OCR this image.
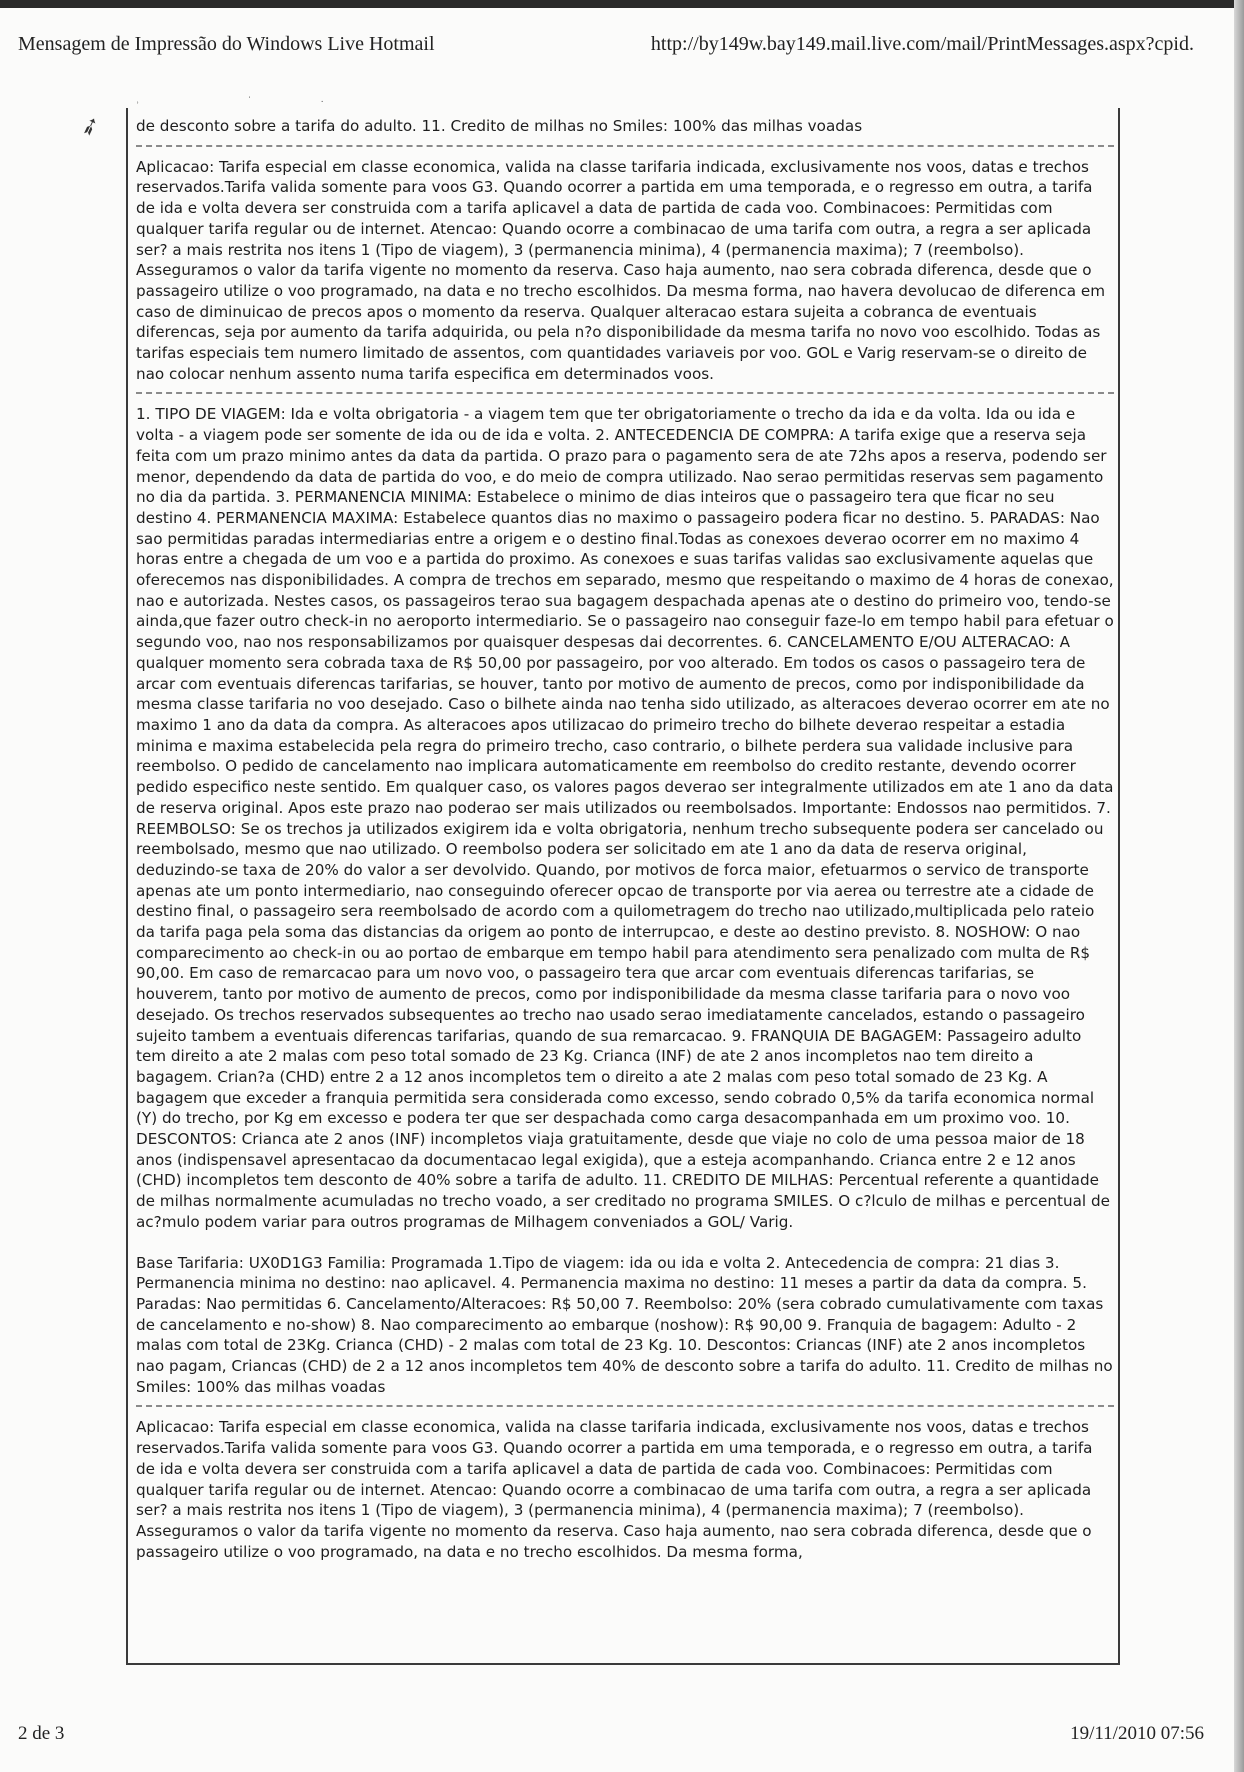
Mensagem de Impressão do Windows Live Hotmail	http://by149w.bay149.mail.live.com/mail/PrintMessages.aspx?cpid.
˒                                       ˈ                         ·
➶ de desconto sobre a tarifa do adulto. 11. Credito de milhas no Smiles: 100% das milhas voadas

Aplicacao: Tarifa especial em classe economica, valida na classe tarifaria indicada, exclusivamente nos voos, datas e trechos reservados.Tarifa valida somente para voos G3. Quando ocorrer a partida em uma temporada, e o regresso em outra, a tarifa de ida e volta devera ser construida com a tarifa aplicavel a data de partida de cada voo. Combinacoes: Permitidas com qualquer tarifa regular ou de internet. Atencao: Quando ocorre a combinacao de uma tarifa com outra, a regra a ser aplicada ser? a mais restrita nos itens 1 (Tipo de viagem), 3 (permanencia minima), 4 (permanencia maxima); 7 (reembolso). Asseguramos o valor da tarifa vigente no momento da reserva. Caso haja aumento, nao sera cobrada diferenca, desde que o passageiro utilize o voo programado, na data e no trecho escolhidos. Da mesma forma, nao havera devolucao de diferenca em caso de diminuicao de precos apos o momento da reserva. Qualquer alteracao estara sujeita a cobranca de eventuais diferencas, seja por aumento da tarifa adquirida, ou pela n?o disponibilidade da mesma tarifa no novo voo escolhido. Todas as tarifas especiais tem numero limitado de assentos, com quantidades variaveis por voo. GOL e Varig reservam-se o direito de nao colocar nenhum assento numa tarifa especifica em determinados voos.

1. TIPO DE VIAGEM: Ida e volta obrigatoria - a viagem tem que ter obrigatoriamente o trecho da ida e da volta. Ida ou ida e volta - a viagem pode ser somente de ida ou de ida e volta. 2. ANTECEDENCIA DE COMPRA: A tarifa exige que a reserva seja feita com um prazo minimo antes da data da partida. O prazo para o pagamento sera de ate 72hs apos a reserva, podendo ser menor, dependendo da data de partida do voo, e do meio de compra utilizado. Nao serao permitidas reservas sem pagamento no dia da partida. 3. PERMANENCIA MINIMA: Estabelece o minimo de dias inteiros que o passageiro tera que ficar no seu destino 4. PERMANENCIA MAXIMA: Estabelece quantos dias no maximo o passageiro podera ficar no destino. 5. PARADAS: Nao sao permitidas paradas intermediarias entre a origem e o destino final.Todas as conexoes deverao ocorrer em no maximo 4 horas entre a chegada de um voo e a partida do proximo. As conexoes e suas tarifas validas sao exclusivamente aquelas que oferecemos nas disponibilidades. A compra de trechos em separado, mesmo que respeitando o maximo de 4 horas de conexao, nao e autorizada. Nestes casos, os passageiros terao sua bagagem despachada apenas ate o destino do primeiro voo, tendo-se ainda,que fazer outro check-in no aeroporto intermediario. Se o passageiro nao conseguir faze-lo em tempo habil para efetuar o segundo voo, nao nos responsabilizamos por quaisquer despesas dai decorrentes. 6. CANCELAMENTO E/OU ALTERACAO: A qualquer momento sera cobrada taxa de R$ 50,00 por passageiro, por voo alterado. Em todos os casos o passageiro tera de arcar com eventuais diferencas tarifarias, se houver, tanto por motivo de aumento de precos, como por indisponibilidade da mesma classe tarifaria no voo desejado. Caso o bilhete ainda nao tenha sido utilizado, as alteracoes deverao ocorrer em ate no maximo 1 ano da data da compra. As alteracoes apos utilizacao do primeiro trecho do bilhete deverao respeitar a estadia minima e maxima estabelecida pela regra do primeiro trecho, caso contrario, o bilhete perdera sua validade inclusive para reembolso. O pedido de cancelamento nao implicara automaticamente em reembolso do credito restante, devendo ocorrer pedido especifico neste sentido. Em qualquer caso, os valores pagos deverao ser integralmente utilizados em ate 1 ano da data de reserva original. Apos este prazo nao poderao ser mais utilizados ou reembolsados. Importante: Endossos nao permitidos. 7. REEMBOLSO: Se os trechos ja utilizados exigirem ida e volta obrigatoria, nenhum trecho subsequente podera ser cancelado ou reembolsado, mesmo que nao utilizado. O reembolso podera ser solicitado em ate 1 ano da data de reserva original, deduzindo-se taxa de 20% do valor a ser devolvido. Quando, por motivos de forca maior, efetuarmos o servico de transporte apenas ate um ponto intermediario, nao conseguindo oferecer opcao de transporte por via aerea ou terrestre ate a cidade de destino final, o passageiro sera reembolsado de acordo com a quilometragem do trecho nao utilizado,multiplicada pelo rateio da tarifa paga pela soma das distancias da origem ao ponto de interrupcao, e deste ao destino previsto. 8. NOSHOW: O nao comparecimento ao check-in ou ao portao de embarque em tempo habil para atendimento sera penalizado com multa de R$ 90,00. Em caso de remarcacao para um novo voo, o passageiro tera que arcar com eventuais diferencas tarifarias, se houverem, tanto por motivo de aumento de precos, como por indisponibilidade da mesma classe tarifaria para o novo voo desejado. Os trechos reservados subsequentes ao trecho nao usado serao imediatamente cancelados, estando o passageiro sujeito tambem a eventuais diferencas tarifarias, quando de sua remarcacao. 9. FRANQUIA DE BAGAGEM: Passageiro adulto tem direito a ate 2 malas com peso total somado de 23 Kg. Crianca (INF) de ate 2 anos incompletos nao tem direito a bagagem. Crian?a (CHD) entre 2 a 12 anos incompletos tem o direito a ate 2 malas com peso total somado de 23 Kg. A bagagem que exceder a franquia permitida sera considerada como excesso, sendo cobrado 0,5% da tarifa economica normal (Y) do trecho, por Kg em excesso e podera ter que ser despachada como carga desacompanhada em um proximo voo. 10. DESCONTOS: Crianca ate 2 anos (INF) incompletos viaja gratuitamente, desde que viaje no colo de uma pessoa maior de 18 anos (indispensavel apresentacao da documentacao legal exigida), que a esteja acompanhando. Crianca entre 2 e 12 anos (CHD) incompletos tem desconto de 40% sobre a tarifa de adulto. 11. CREDITO DE MILHAS: Percentual referente a quantidade de milhas normalmente acumuladas no trecho voado, a ser creditado no programa SMILES. O c?lculo de milhas e percentual de ac?mulo podem variar para outros programas de Milhagem conveniados a GOL/ Varig.

Base Tarifaria: UX0D1G3 Familia: Programada 1.Tipo de viagem: ida ou ida e volta 2. Antecedencia de compra: 21 dias 3. Permanencia minima no destino: nao aplicavel. 4. Permanencia maxima no destino: 11 meses a partir da data da compra. 5. Paradas: Nao permitidas 6. Cancelamento/Alteracoes: R$ 50,00 7. Reembolso: 20% (sera cobrado cumulativamente com taxas de cancelamento e no-show) 8. Nao comparecimento ao embarque (noshow): R$ 90,00 9. Franquia de bagagem: Adulto - 2 malas com total de 23Kg. Crianca (CHD) - 2 malas com total de 23 Kg. 10. Descontos: Criancas (INF) ate 2 anos incompletos nao pagam, Criancas (CHD) de 2 a 12 anos incompletos tem 40% de desconto sobre a tarifa do adulto. 11. Credito de milhas no Smiles: 100% das milhas voadas

Aplicacao: Tarifa especial em classe economica, valida na classe tarifaria indicada, exclusivamente nos voos, datas e trechos reservados.Tarifa valida somente para voos G3. Quando ocorrer a partida em uma temporada, e o regresso em outra, a tarifa de ida e volta devera ser construida com a tarifa aplicavel a data de partida de cada voo. Combinacoes: Permitidas com qualquer tarifa regular ou de internet. Atencao: Quando ocorre a combinacao de uma tarifa com outra, a regra a ser aplicada ser? a mais restrita nos itens 1 (Tipo de viagem), 3 (permanencia minima), 4 (permanencia maxima); 7 (reembolso). Asseguramos o valor da tarifa vigente no momento da reserva. Caso haja aumento, nao sera cobrada diferenca, desde que o passageiro utilize o voo programado, na data e no trecho escolhidos. Da mesma forma,

2 de 3	19/11/2010 07:56
